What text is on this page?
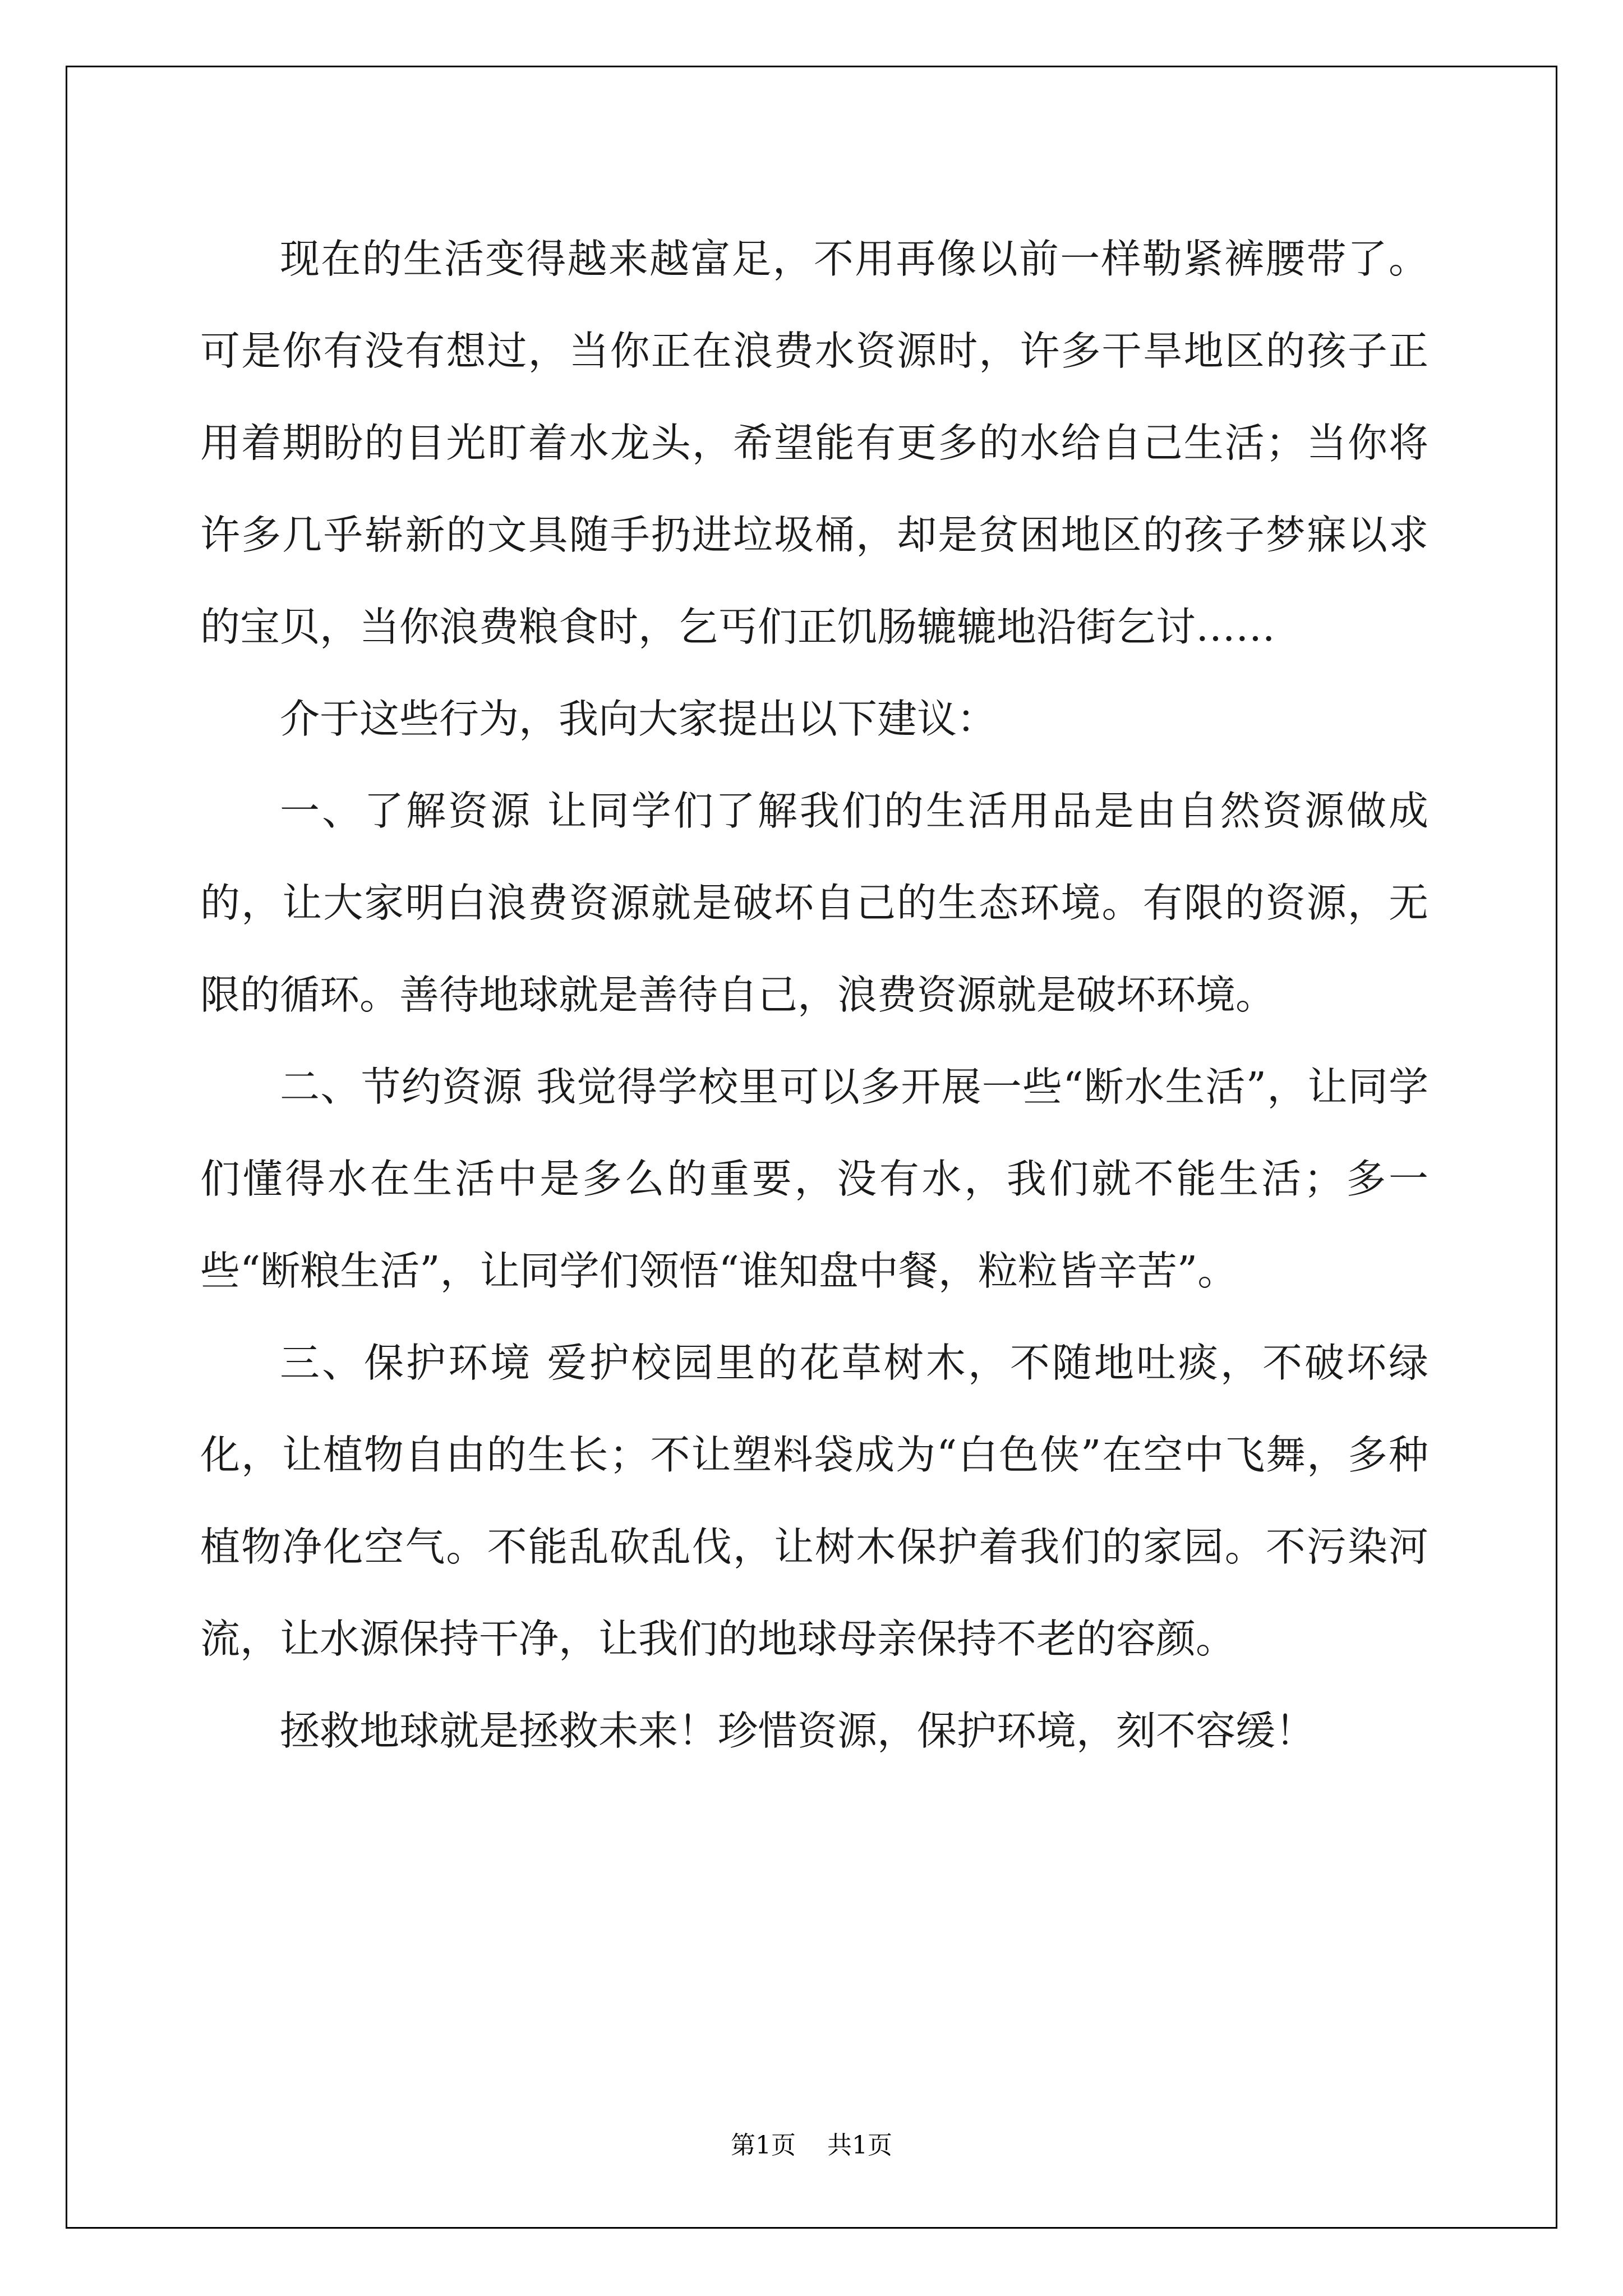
现在的生活变得越来越富足，不用再像以前一样勒紧裤腰带了。可是你有没有想过，当你正在浪费水资源时，许多干旱地区的孩子正用着期盼的目光盯着水龙头，希望能有更多的水给自己生活；当你将许多几乎崭新的文具随手扔进垃圾桶，却是贫困地区的孩子梦寐以求的宝贝，当你浪费粮食时，乞丐们正饥肠辘辘地沿街乞讨……

介于这些行为，我向大家提出以下建议：

一、了解资源 让同学们了解我们的生活用品是由自然资源做成的，让大家明白浪费资源就是破坏自己的生态环境。有限的资源，无限的循环。善待地球就是善待自己，浪费资源就是破坏环境。

二、节约资源 我觉得学校里可以多开展一些“断水生活”，让同学们懂得水在生活中是多么的重要，没有水，我们就不能生活；多一些“断粮生活”，让同学们领悟“谁知盘中餐，粒粒皆辛苦”。

三、保护环境 爱护校园里的花草树木，不随地吐痰，不破坏绿化，让植物自由的生长；不让塑料袋成为“白色侠”在空中飞舞，多种植物净化空气。不能乱砍乱伐，让树木保护着我们的家园。不污染河流，让水源保持干净，让我们的地球母亲保持不老的容颜。

拯救地球就是拯救未来！珍惜资源，保护环境，刻不容缓！

第1页 共1页
